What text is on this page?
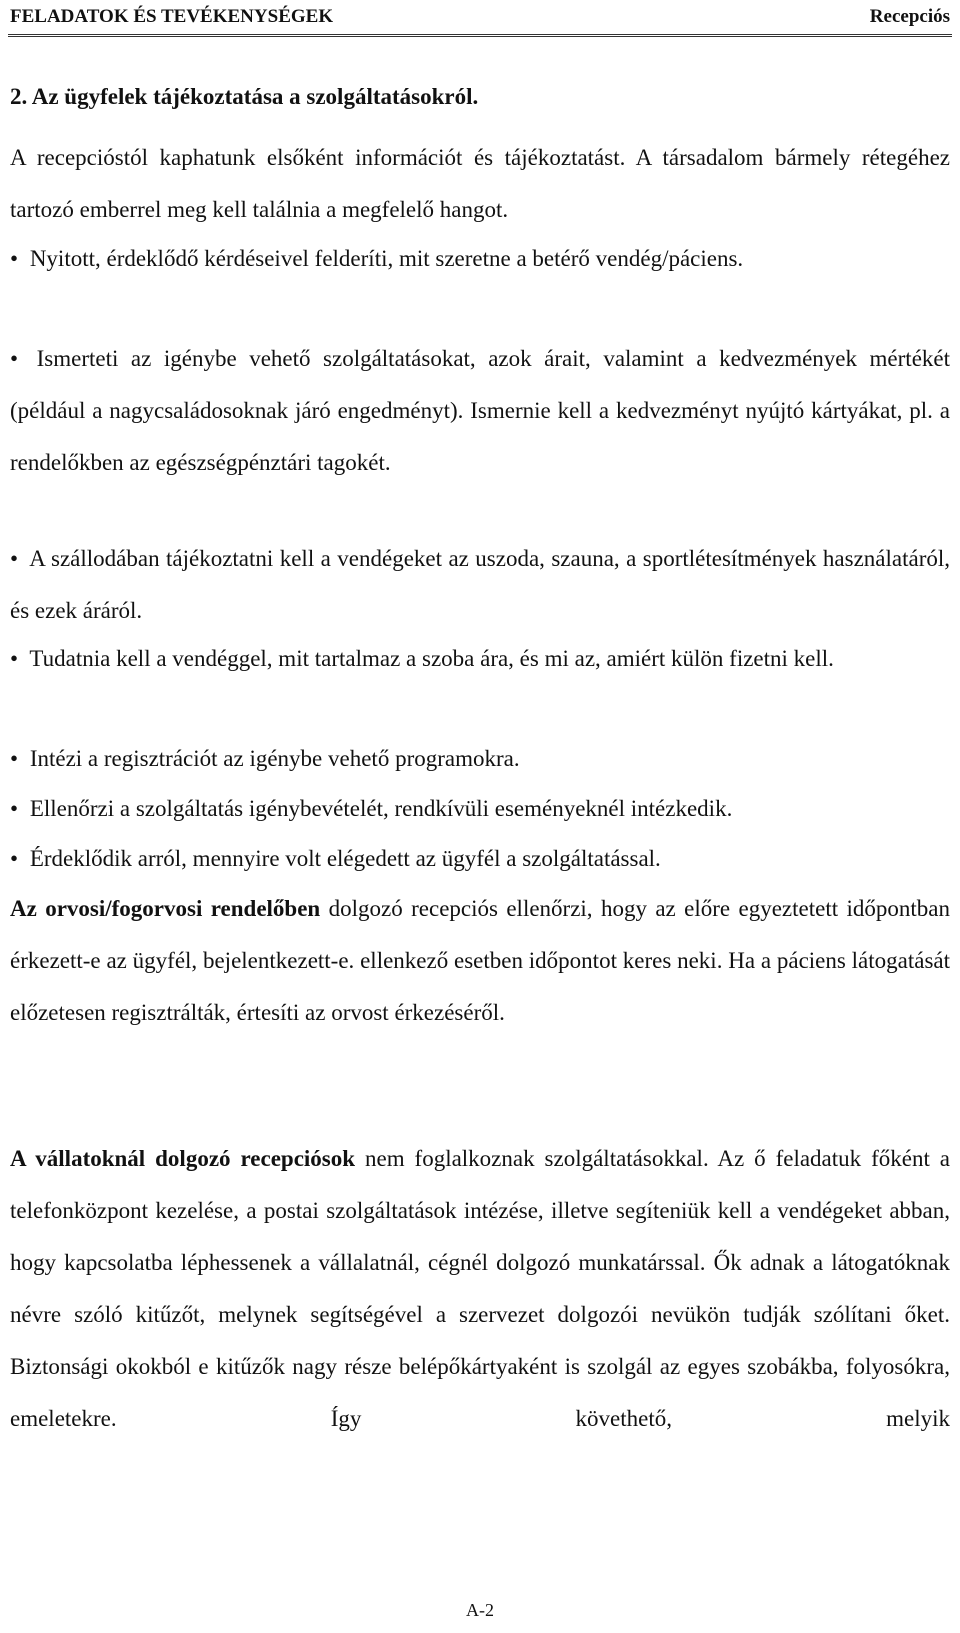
FELADATOK ÉS TEVÉKENYSÉGEK	Recepciós
2. Az ügyfelek tájékoztatása a szolgáltatásokról.

A recepcióstól kaphatunk elsőként információt és tájékoztatást. A társadalom bármely rétegéhez tartozó emberrel meg kell találnia a megfelelő hangot.

• Nyitott, érdeklődő kérdéseivel felderíti, mit szeretne a betérő vendég/páciens.

• Ismerteti az igénybe vehető szolgáltatásokat, azok árait, valamint a kedvezmények mértékét (például a nagycsaládosoknak járó engedményt). Ismernie kell a kedvezményt nyújtó kártyákat, pl. a rendelőkben az egészségpénztári tagokét.

• A szállodában tájékoztatni kell a vendégeket az uszoda, szauna, a sportlétesítmények használatáról, és ezek áráról.

• Tudatnia kell a vendéggel, mit tartalmaz a szoba ára, és mi az, amiért külön fizetni kell.

• Intézi a regisztrációt az igénybe vehető programokra.

• Ellenőrzi a szolgáltatás igénybevételét, rendkívüli eseményeknél intézkedik.

• Érdeklődik arról, mennyire volt elégedett az ügyfél a szolgáltatással.

Az orvosi/fogorvosi rendelőben dolgozó recepciós ellenőrzi, hogy az előre egyeztetett időpontban érkezett-e az ügyfél, bejelentkezett-e. ellenkező esetben időpontot keres neki. Ha a páciens látogatását előzetesen regisztrálták, értesíti az orvost érkezéséről.

A vállatoknál dolgozó recepciósok nem foglalkoznak szolgáltatásokkal. Az ő feladatuk főként a telefonközpont kezelése, a postai szolgáltatások intézése, illetve segíteniük kell a vendégeket abban, hogy kapcsolatba léphessenek a vállalatnál, cégnél dolgozó munkatárssal. Ők adnak a látogatóknak névre szóló kitűzőt, melynek segítségével a szervezet dolgozói nevükön tudják szólítani őket. Biztonsági okokból e kitűzők nagy része belépőkártyaként is szolgál az egyes szobákba, folyosókra, emeletekre. Így követhető, melyik

A-2
